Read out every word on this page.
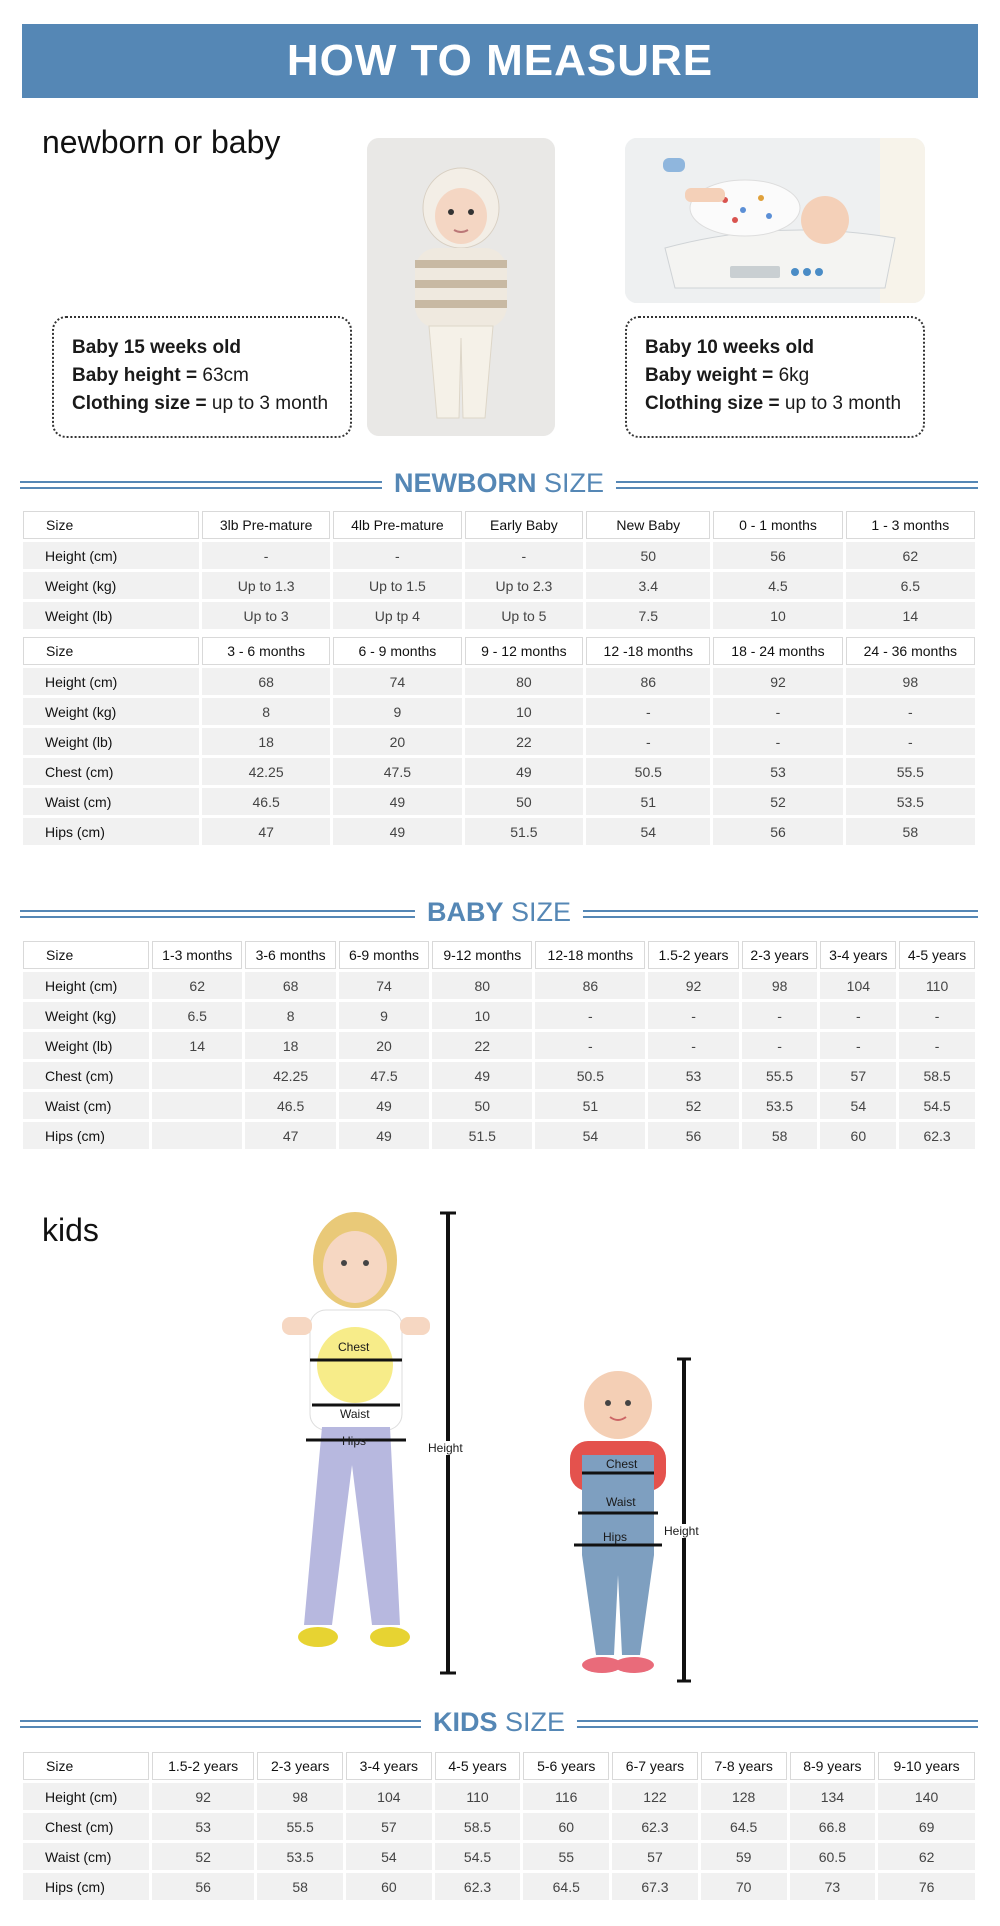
HOW TO MEASURE
newborn or baby
Baby 15 weeks old
Baby height = 63cm
Clothing size = up to 3 month
Baby 10 weeks old
Baby weight = 6kg
Clothing size = up to 3 month
NEWBORN SIZE
Size	3lb Pre-mature	4lb Pre-mature	Early Baby	New Baby	0 - 1 months	1 - 3 months
Height (cm)	-	-	-	50	56	62
Weight (kg)	Up to 1.3	Up to 1.5	Up to 2.3	3.4	4.5	6.5
Weight (lb)	Up to 3	Up tp 4	Up to 5	7.5	10	14

Size	3 - 6 months	6 - 9 months	9 - 12 months	12 -18 months	18 - 24 months	24 - 36 months
Height (cm)	68	74	80	86	92	98
Weight (kg)	8	9	10	-	-	-
Weight (lb)	18	20	22	-	-	-
Chest (cm)	42.25	47.5	49	50.5	53	55.5
Waist (cm)	46.5	49	50	51	52	53.5
Hips (cm)	47	49	51.5	54	56	58
BABY SIZE
Size	1-3 months	3-6 months	6-9 months	9-12 months	12-18 months	1.5-2 years	2-3 years	3-4 years	4-5 years
Height (cm)	62	68	74	80	86	92	98	104	110
Weight (kg)	6.5	8	9	10	-	-	-	-	-
Weight (lb)	14	18	20	22	-	-	-	-	-
Chest (cm)		42.25	47.5	49	50.5	53	55.5	57	58.5
Waist (cm)		46.5	49	50	51	52	53.5	54	54.5
Hips (cm)		47	49	51.5	54	56	58	60	62.3
kids
Chest
Waist
Hips	Height
Chest
Waist
Hips	Height
KIDS SIZE
Size	1.5-2 years	2-3 years	3-4 years	4-5 years	5-6 years	6-7 years	7-8 years	8-9 years	9-10 years
Height (cm)	92	98	104	110	116	122	128	134	140
Chest (cm)	53	55.5	57	58.5	60	62.3	64.5	66.8	69
Waist (cm)	52	53.5	54	54.5	55	57	59	60.5	62
Hips (cm)	56	58	60	62.3	64.5	67.3	70	73	76
